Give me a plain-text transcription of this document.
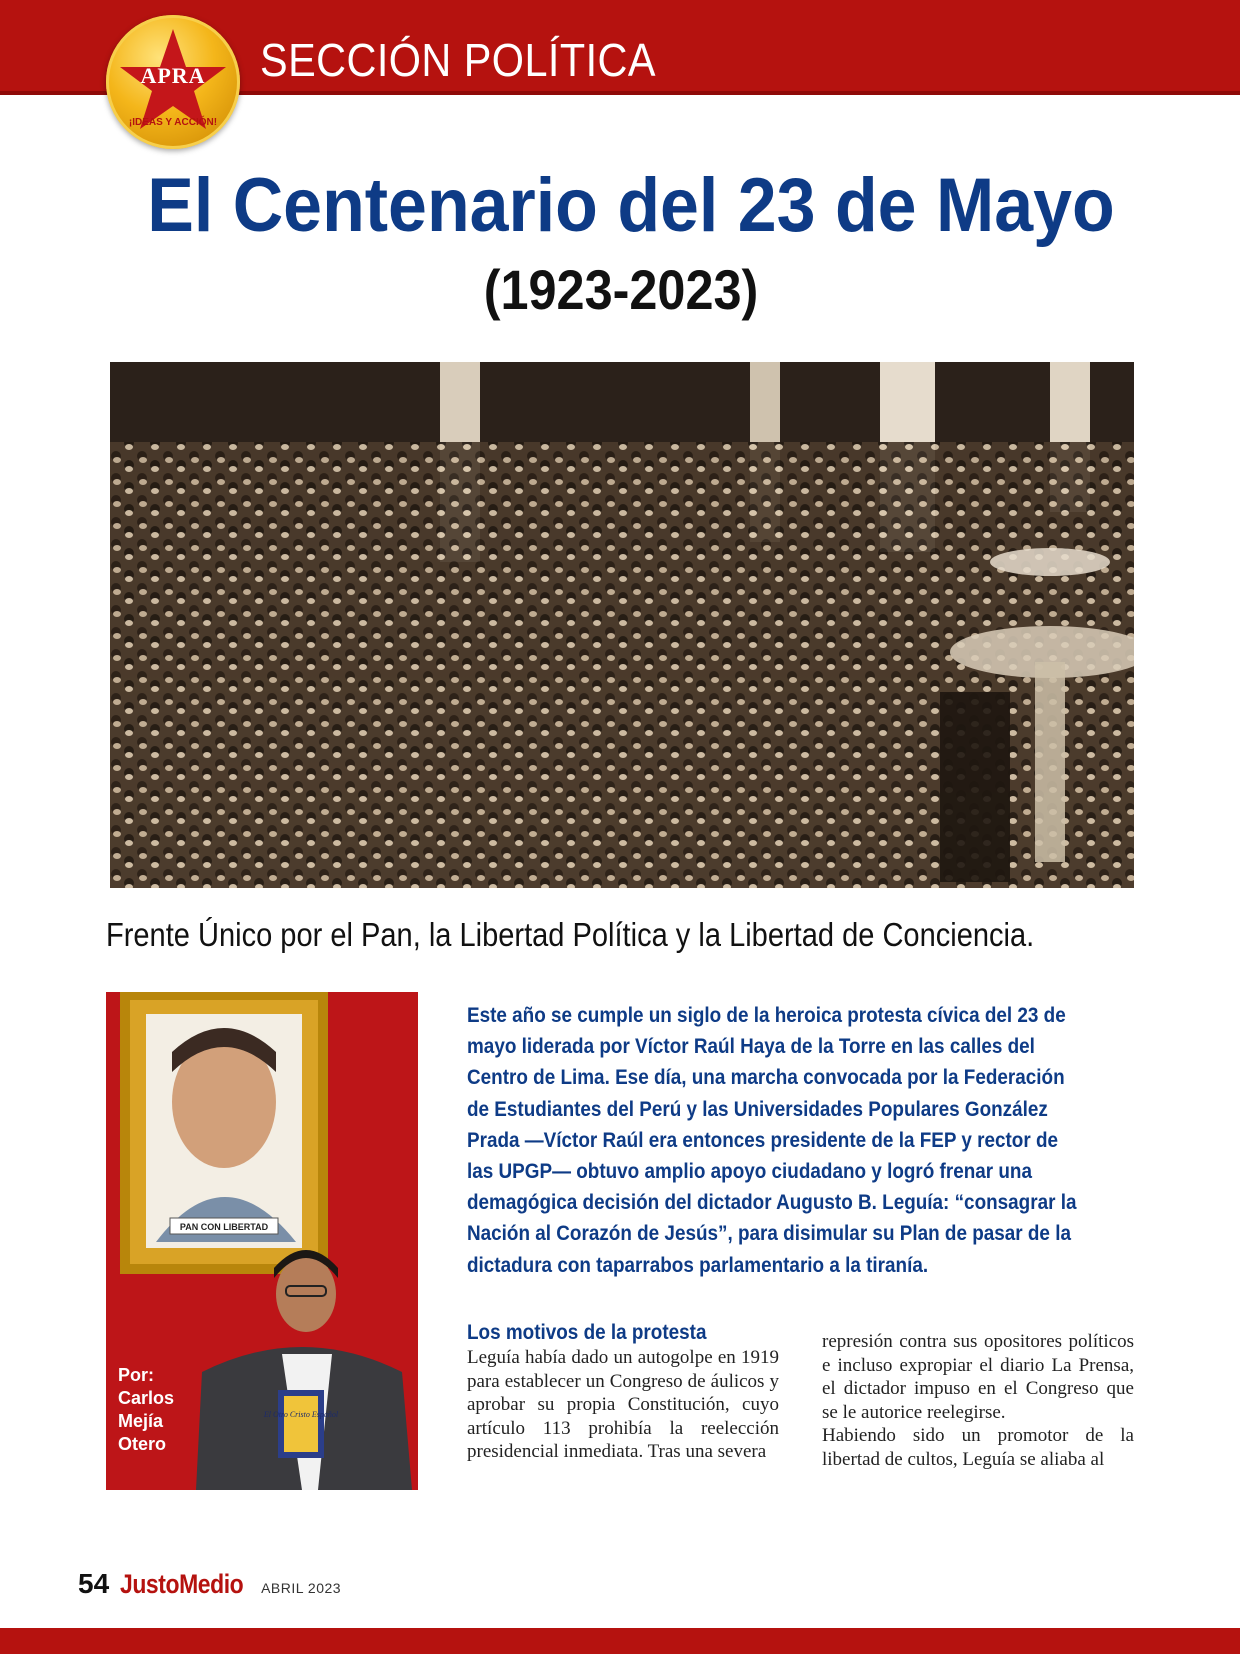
SECCIÓN POLÍTICA
APRA
¡IDEAS Y ACCIÓN!
El Centenario del 23 de Mayo
(1923-2023)
Frente Único por el Pan, la Libertad Política y la Libertad de Conciencia.
PAN CON LIBERTAD
El Otro Cristo Español
Por:
Carlos
Mejía
Otero

Este año se cumple un siglo de la heroica protesta cívica del 23 de mayo liderada por Víctor Raúl Haya de la Torre en las calles del Centro de Lima. Ese día, una marcha convocada por la Federación de Estudiantes del Perú y las Universidades Populares González Prada —Víctor Raúl era entonces presidente de la FEP y rector de las UPGP— obtuvo amplio apoyo ciudadano y logró frenar una demagógica decisión del dictador Augusto B. Leguía: “consagrar la Nación al Corazón de Jesús”, para disimular su Plan de pasar de la dictadura con taparrabos parlamentario a la tiranía.

Los motivos de la protesta

Leguía había dado un autogolpe en 1919 para establecer un Congreso de áulicos y aprobar su propia Constitución, cuyo artículo 113 prohibía la reelección presidencial inmediata. Tras una severa

represión contra sus opositores políticos e incluso expropiar el diario La Prensa, el dictador impuso en el Congreso que se le autorice reelegirse.
Habiendo sido un promotor de la libertad de cultos, Leguía se aliaba al
54 JustoMedio ABRIL 2023
